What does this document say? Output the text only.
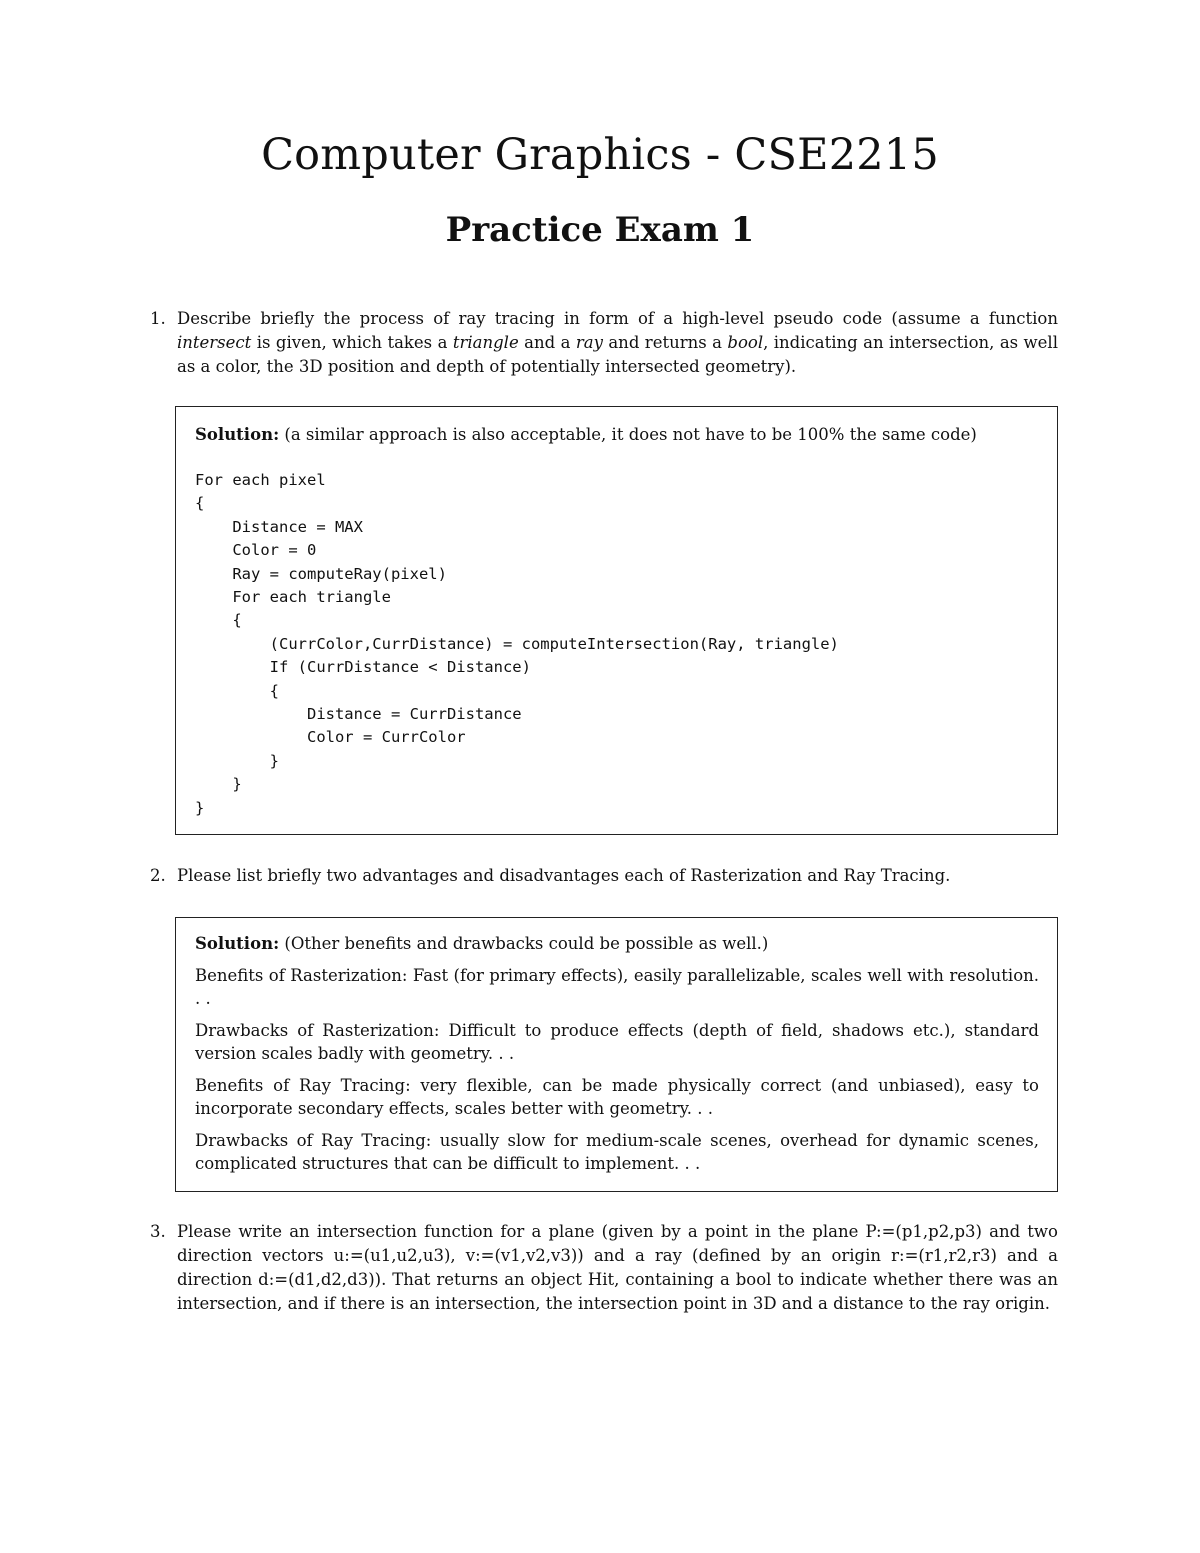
Computer Graphics - CSE2215
Practice Exam 1
1. Describe briefly the process of ray tracing in form of a high-level pseudo code (assume a function intersect is given, which takes a triangle and a ray and returns a bool, indicating an intersection, as well as a color, the 3D position and depth of potentially intersected geometry).
Solution: (a similar approach is also acceptable, it does not have to be 100% the same code)
For each pixel
{
Distance = MAX
Color = 0
Ray = computeRay(pixel)
For each triangle
{
(CurrColor,CurrDistance) = computeIntersection(Ray, triangle)
If (CurrDistance < Distance)
{
Distance = CurrDistance
Color = CurrColor
}
}
}
2. Please list briefly two advantages and disadvantages each of Rasterization and Ray Tracing.

Solution: (Other benefits and drawbacks could be possible as well.)

Benefits of Rasterization: Fast (for primary effects), easily parallelizable, scales well with resolution. . .

Drawbacks of Rasterization: Difficult to produce effects (depth of field, shadows etc.), standard version scales badly with geometry. . .

Benefits of Ray Tracing: very flexible, can be made physically correct (and unbiased), easy to incorporate secondary effects, scales better with geometry. . .

Drawbacks of Ray Tracing: usually slow for medium-scale scenes, overhead for dynamic scenes, complicated structures that can be difficult to implement. . .

3. Please write an intersection function for a plane (given by a point in the plane P:=(p1,p2,p3) and two direction vectors u:=(u1,u2,u3), v:=(v1,v2,v3)) and a ray (defined by an origin r:=(r1,r2,r3) and a direction d:=(d1,d2,d3)). That returns an object Hit, containing a bool to indicate whether there was an intersection, and if there is an intersection, the intersection point in 3D and a distance to the ray origin.
